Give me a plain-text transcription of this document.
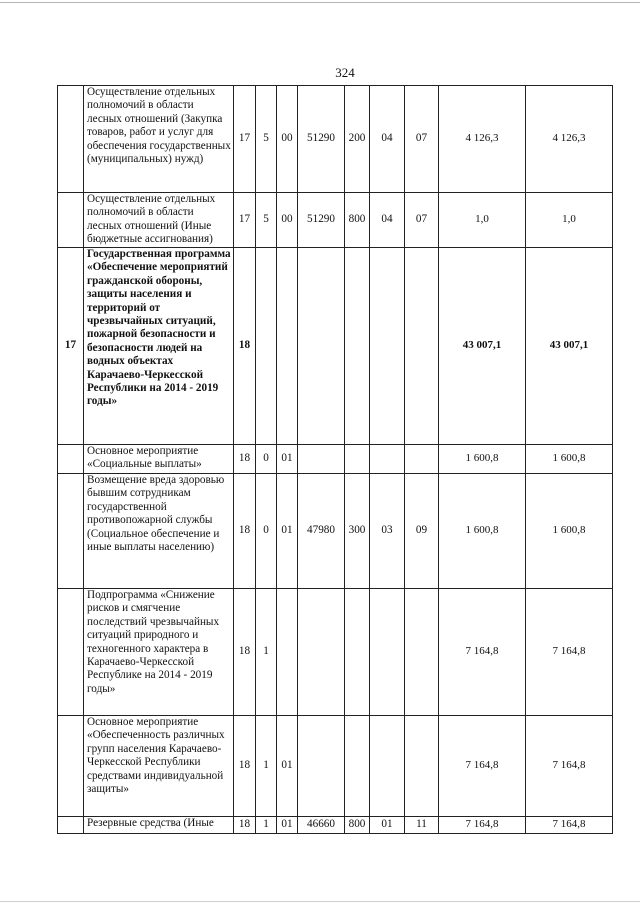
324
	Осуществление отдельных полномочий в области лесных отношений (Закупка товаров, работ и услуг для обеспечения государственных (муниципальных) нужд)	17	5	00	51290	200	04	07	4 126,3	4 126,3
	Осуществление отдельных полномочий в области лесных отношений (Иные бюджетные ассигнования)	17	5	00	51290	800	04	07	1,0	1,0
17	Государственная программа «Обеспечение мероприятий гражданской обороны, защиты населения и территорий от чрезвычайных ситуаций, пожарной безопасности и безопасности людей на водных объектах Карачаево-Черкесской Республики на 2014 - 2019 годы»	18							43 007,1	43 007,1
	Основное мероприятие «Социальные выплаты»	18	0	01					1 600,8	1 600,8
	Возмещение вреда здоровью бывшим сотрудникам государственной противопожарной службы (Социальное обеспечение и иные выплаты населению)	18	0	01	47980	300	03	09	1 600,8	1 600,8
	Подпрограмма «Снижение рисков и смягчение последствий чрезвычайных ситуаций природного и техногенного характера в Карачаево-Черкесской Республике на 2014 - 2019 годы»	18	1						7 164,8	7 164,8
	Основное мероприятие «Обеспеченность различных групп населения Карачаево-Черкесской Республики средствами индивидуальной защиты»	18	1	01					7 164,8	7 164,8
	Резервные средства (Иные	18	1	01	46660	800	01	11	7 164,8	7 164,8
